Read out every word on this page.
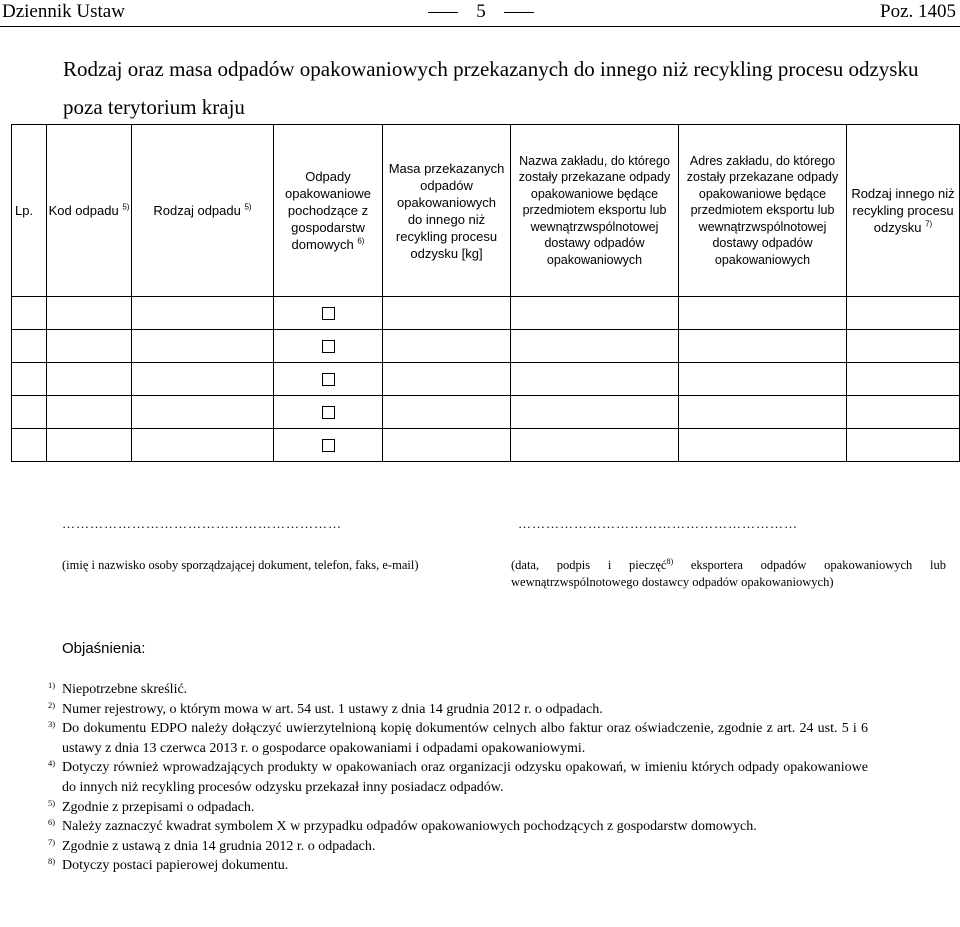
Dziennik Ustaw	5	Poz. 1405
Rodzaj oraz masa odpadów opakowaniowych przekazanych do innego niż recykling procesu odzysku poza terytorium kraju
Lp.	Kod odpadu $^{5)}$	Rodzaj odpadu $^{5)}$	Odpady opakowaniowe pochodzące z gospodarstw domowych $^{6)}$	Masa przekazanych odpadów opakowaniowych do innego niż recykling procesu odzysku [kg]	Nazwa zakładu, do którego zostały przekazane odpady opakowaniowe będące przedmiotem eksportu lub wewnątrzwspólnotowej dostawy odpadów opakowaniowych	Adres zakładu, do którego zostały przekazane odpady opakowaniowe będące przedmiotem eksportu lub wewnątrzwspólnotowej dostawy odpadów opakowaniowych	Rodzaj innego niż recykling procesu odzysku $^{7)}$

……………………………………………………	……………………………………………………
(imię i nazwisko osoby sporządzającej dokument, telefon, faks, e-mail)	(data, podpis i pieczęć$^{8)}$ eksportera odpadów opakowaniowych lub wewnątrzwspólnotowego dostawcy odpadów opakowaniowych)
Objaśnienia:
1) Niepotrzebne skreślić.
2) Numer rejestrowy, o którym mowa w art. 54 ust. 1 ustawy z dnia 14 grudnia 2012 r. o odpadach.
3) Do dokumentu EDPO należy dołączyć uwierzytelnioną kopię dokumentów celnych albo faktur oraz oświadczenie, zgodnie z art. 24 ust. 5 i 6 ustawy z dnia 13 czerwca 2013 r. o gospodarce opakowaniami i odpadami opakowaniowymi.
4) Dotyczy również wprowadzających produkty w opakowaniach oraz organizacji odzysku opakowań, w imieniu których odpady opakowaniowe do innych niż recykling procesów odzysku przekazał inny posiadacz odpadów.
5) Zgodnie z przepisami o odpadach.
6) Należy zaznaczyć kwadrat symbolem X w przypadku odpadów opakowaniowych pochodzących z gospodarstw domowych.
7) Zgodnie z ustawą z dnia 14 grudnia 2012 r. o odpadach.
8) Dotyczy postaci papierowej dokumentu.
